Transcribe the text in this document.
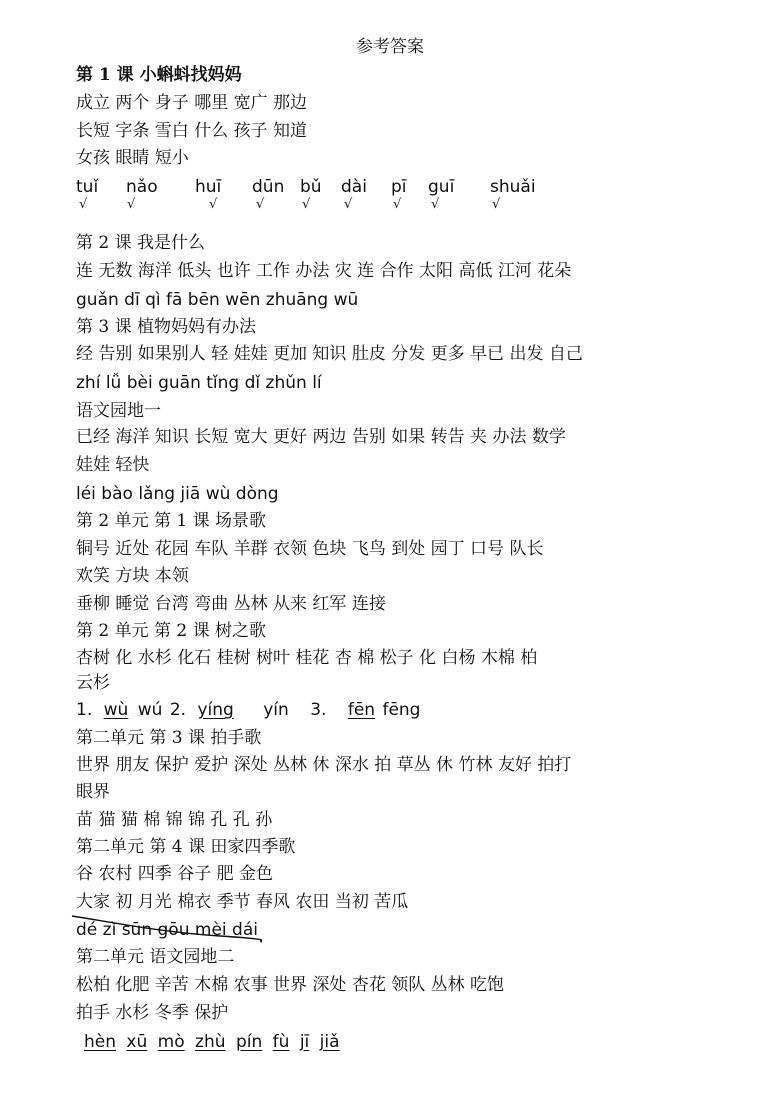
参考答案
第 1 课 小蝌蚪找妈妈
成立 两个 身子 哪里 宽广 那边
长短 字条 雪白 什么 孩子 知道
女孩 眼睛 短小
tuǐ nǎo huī dūn bǔ dài pī guī shuǎi
√	√	√	√	√	√	√ √	√
第 2 课 我是什么
连 无数 海洋 低头 也许 工作 办法 灾 连 合作 太阳 高低 江河 花朵
guǎn dī qì fā bēn wēn zhuāng wū
第 3 课 植物妈妈有办法
经 告别 如果别人 轻 娃娃 更加 知识 肚皮 分发 更多 早已 出发 自己
zhí lǚ bèi guān tǐng dǐ zhǔn lí
语文园地一
已经 海洋 知识 长短 宽大 更好 两边 告别 如果 转告 夹 办法 数学
娃娃 轻快
léi bào lǎng jiā wù dòng
第 2 单元 第 1 课 场景歌
铜号 近处 花园 车队 羊群 衣领 色块 飞鸟 到处 园丁 口号 队长
欢笑 方块 本领
垂柳 睡觉 台湾 弯曲 丛林 从来 红军 连接
第 2 单元 第 2 课 树之歌
杏树 化 水杉 化石 桂树 树叶 桂花 杏 棉 松子 化 白杨 木棉 柏
云杉
1. wù wú 2. yíng yín 3. fēn fēng
第二单元 第 3 课 拍手歌
世界 朋友 保护 爱护 深处 丛林 休 深水 拍 草丛 休 竹林 友好 拍打
眼界
苗 猫 猫 棉 锦 锦 孔 孔 孙
第二单元 第 4 课 田家四季歌
谷 农村 四季 谷子 肥 金色
大家 初 月光 棉衣 季节 春风 农田 当初 苦瓜
dé zì sūn gōu mèi dái
第二单元 语文园地二
松柏 化肥 辛苦 木棉 农事 世界 深处 杏花 领队 丛林 吃饱
拍手 水杉 冬季 保护
hèn xū mò zhù pín fù jī jiǎ
